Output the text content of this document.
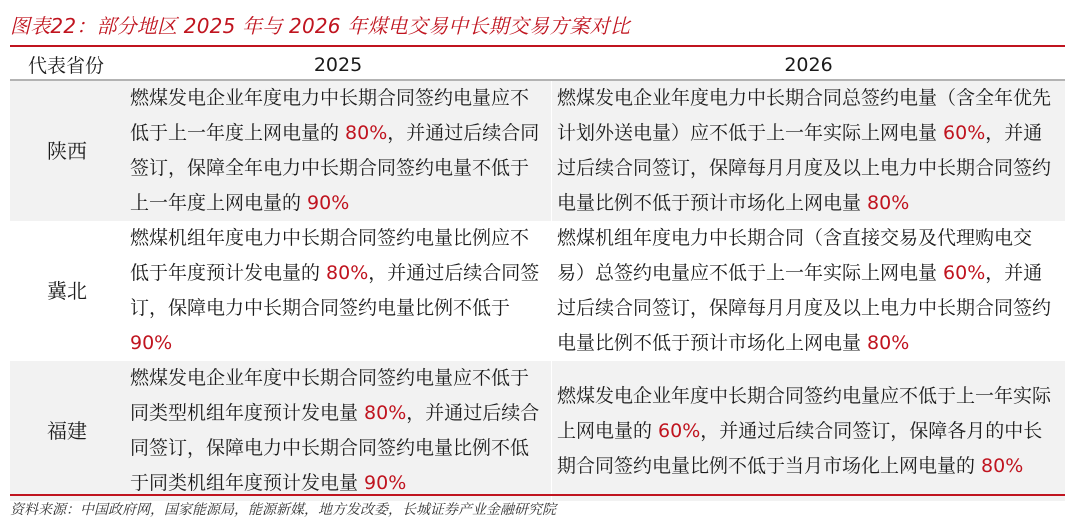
图表22：部分地区 2025 年与 2026 年煤电交易中长期交易方案对比
代表省份	2025	2026
陕西	燃煤发电企业年度电力中长期合同签约电量应不低于上一年度上网电量的 80%，并通过后续合同签订，保障全年电力中长期合同签约电量不低于上一年度上网电量的 90%	燃煤发电企业年度电力中长期合同总签约电量（含全年优先计划外送电量）应不低于上一年实际上网电量 60%，并通过后续合同签订，保障每月月度及以上电力中长期合同签约电量比例不低于预计市场化上网电量 80%
冀北	燃煤机组年度电力中长期合同签约电量比例应不低于年度预计发电量的 80%，并通过后续合同签订，保障电力中长期合同签约电量比例不低于 90%	燃煤机组年度电力中长期合同（含直接交易及代理购电交易）总签约电量应不低于上一年实际上网电量 60%，并通过后续合同签订，保障每月月度及以上电力中长期合同签约电量比例不低于预计市场化上网电量 80%
福建	燃煤发电企业年度中长期合同签约电量应不低于同类型机组年度预计发电量 80%，并通过后续合同签订，保障电力中长期合同签约电量比例不低于同类机组年度预计发电量 90%	燃煤发电企业年度中长期合同签约电量应不低于上一年实际上网电量的 60%，并通过后续合同签订，保障各月的中长期合同签约电量比例不低于当月市场化上网电量的 80%
资料来源：中国政府网，国家能源局，能源新媒，地方发改委，长城证券产业金融研究院
